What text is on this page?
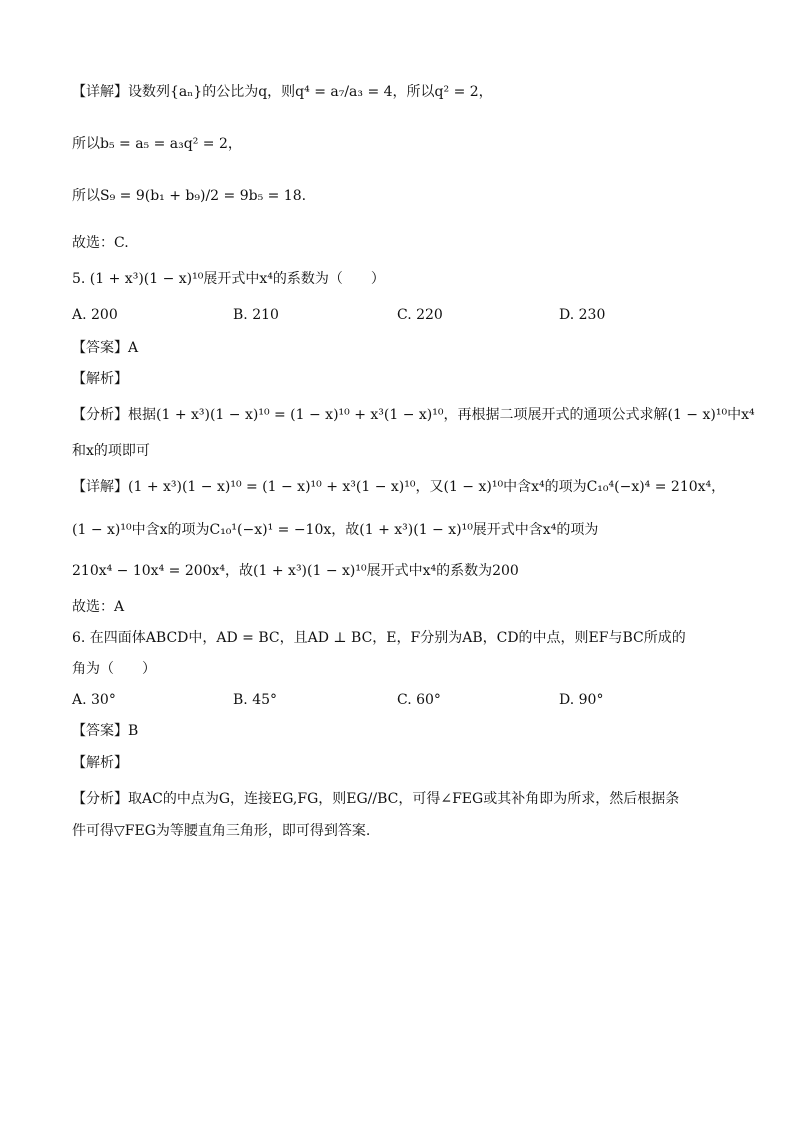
【详解】设数列{aₙ}的公比为q，则q⁴ = a₇/a₃ = 4，所以q² = 2，
所以b₅ = a₅ = a₃q² = 2，
所以S₉ = 9(b₁ + b₉)/2 = 9b₅ = 18.
故选：C.
5. (1 + x³)(1 − x)¹⁰展开式中x⁴的系数为（　　）
A. 200	B. 210	C. 220	D. 230
【答案】A
【解析】
【分析】根据(1 + x³)(1 − x)¹⁰ = (1 − x)¹⁰ + x³(1 − x)¹⁰，再根据二项展开式的通项公式求解(1 − x)¹⁰中x⁴
和x的项即可
【详解】(1 + x³)(1 − x)¹⁰ = (1 − x)¹⁰ + x³(1 − x)¹⁰，又(1 − x)¹⁰中含x⁴的项为C₁₀⁴(−x)⁴ = 210x⁴，
(1 − x)¹⁰中含x的项为C₁₀¹(−x)¹ = −10x，故(1 + x³)(1 − x)¹⁰展开式中含x⁴的项为
210x⁴ − 10x⁴ = 200x⁴，故(1 + x³)(1 − x)¹⁰展开式中x⁴的系数为200
故选：A
6. 在四面体ABCD中，AD = BC，且AD ⊥ BC，E，F分别为AB，CD的中点，则EF与BC所成的
角为（　　）
A. 30°	B. 45°	C. 60°	D. 90°
【答案】B
【解析】
【分析】取AC的中点为G，连接EG,FG，则EG//BC，可得∠FEG或其补角即为所求，然后根据条
件可得▽FEG为等腰直角三角形，即可得到答案.
